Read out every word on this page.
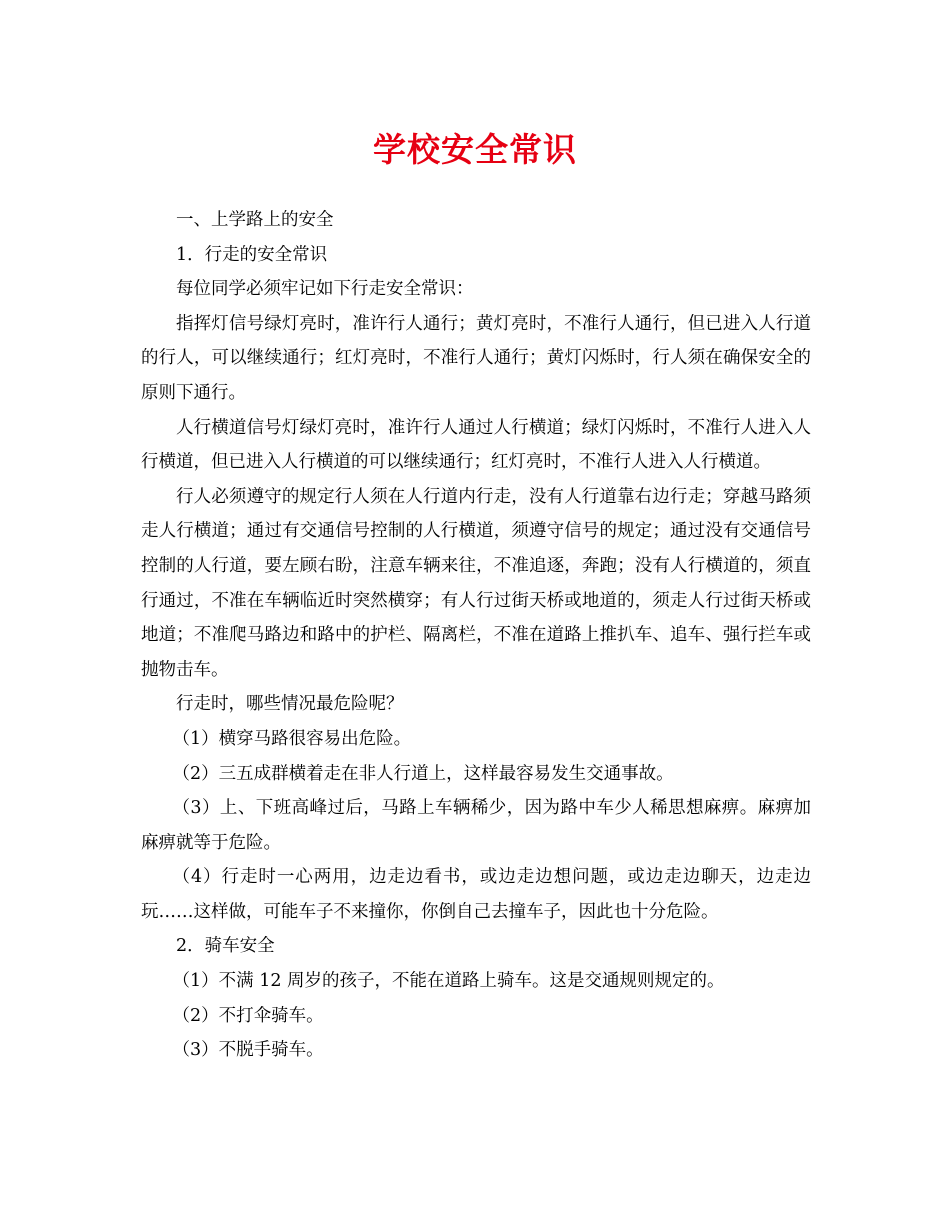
学校安全常识

一、上学路上的安全

1．行走的安全常识

每位同学必须牢记如下行走安全常识：

指挥灯信号绿灯亮时，准许行人通行；黄灯亮时，不准行人通行，但已进入人行道的行人，可以继续通行；红灯亮时，不准行人通行；黄灯闪烁时，行人须在确保安全的原则下通行。

人行横道信号灯绿灯亮时，准许行人通过人行横道；绿灯闪烁时，不准行人进入人行横道，但已进入人行横道的可以继续通行；红灯亮时，不准行人进入人行横道。

行人必须遵守的规定行人须在人行道内行走，没有人行道靠右边行走；穿越马路须走人行横道；通过有交通信号控制的人行横道，须遵守信号的规定；通过没有交通信号控制的人行道，要左顾右盼，注意车辆来往，不准追逐，奔跑；没有人行横道的，须直行通过，不准在车辆临近时突然横穿；有人行过街天桥或地道的，须走人行过街天桥或地道；不准爬马路边和路中的护栏、隔离栏，不准在道路上推扒车、追车、强行拦车或抛物击车。

行走时，哪些情况最危险呢？

（1）横穿马路很容易出危险。

（2）三五成群横着走在非人行道上，这样最容易发生交通事故。

（3）上、下班高峰过后，马路上车辆稀少，因为路中车少人稀思想麻痹。麻痹加麻痹就等于危险。

（4）行走时一心两用，边走边看书，或边走边想问题，或边走边聊天，边走边玩……这样做，可能车子不来撞你，你倒自己去撞车子，因此也十分危险。

2．骑车安全

（1）不满 12 周岁的孩子，不能在道路上骑车。这是交通规则规定的。

（2）不打伞骑车。

（3）不脱手骑车。
